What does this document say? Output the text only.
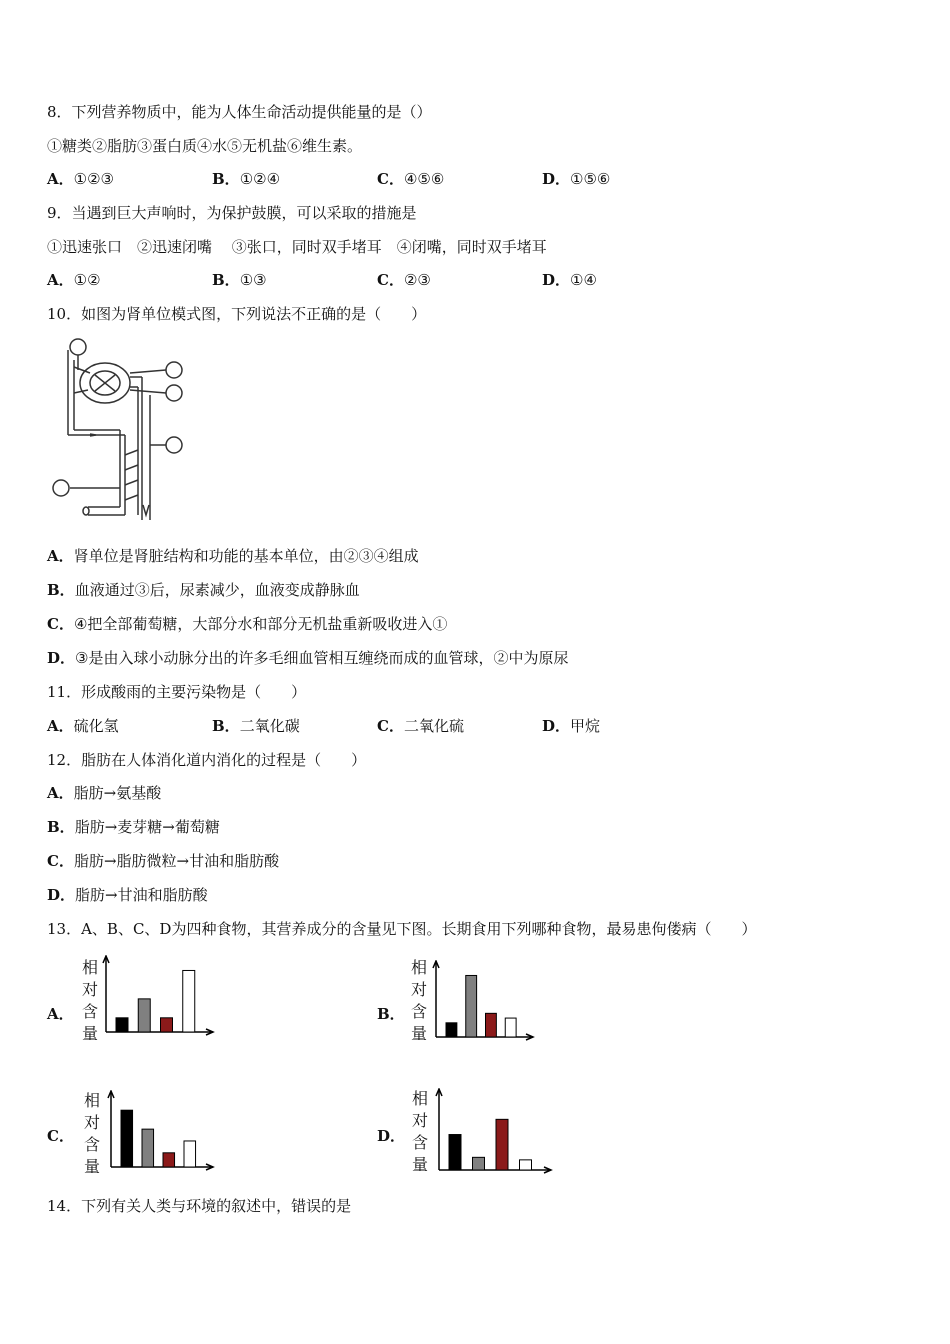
8．下列营养物质中，能为人体生命活动提供能量的是（）
①糖类②脂肪③蛋白质④水⑤无机盐⑥维生素。
A．①②③	B．①②④	C．④⑤⑥	D．①⑤⑥
9．当遇到巨大声响时，为保护鼓膜，可以采取的措施是
①迅速张口　②迅速闭嘴　 ③张口，同时双手堵耳　④闭嘴，同时双手堵耳
A．①②	B．①③	C．②③	D．①④
10．如图为肾单位模式图，下列说法不正确的是（　　）
A．肾单位是肾脏结构和功能的基本单位，由②③④组成
B．血液通过③后，尿素减少，血液变成静脉血
C．④把全部葡萄糖，大部分水和部分无机盐重新吸收进入①
D．③是由入球小动脉分出的许多毛细血管相互缠绕而成的血管球，②中为原尿
11．形成酸雨的主要污染物是（　　）
A．硫化氢	B．二氧化碳	C．二氧化硫	D．甲烷
12．脂肪在人体消化道内消化的过程是（　　）
A．脂肪→氨基酸
B．脂肪→麦芽糖→葡萄糖
C．脂肪→脂肪微粒→甘油和脂肪酸
D．脂肪→甘油和脂肪酸
13．A、B、C、D为四种食物，其营养成分的含量见下图。长期食用下列哪种食物，最易患佝偻病（　　）
A．
相
对
含
量
B．
相
对
含
量
C．
相
对
含
量
D．
相
对
含
量
14．下列有关人类与环境的叙述中，错误的是
